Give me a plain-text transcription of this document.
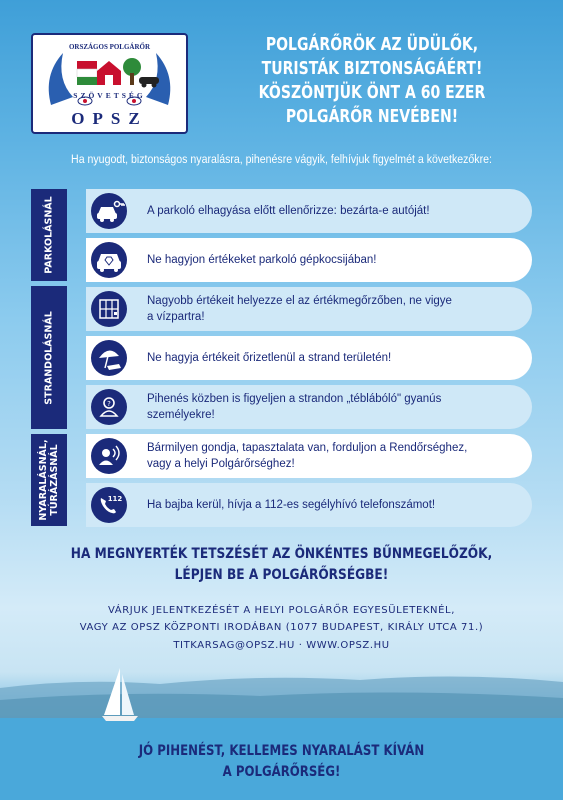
ORSZÁGOS POLGÁRŐR
SZÖVETSÉG
OPSZ
POLGÁRŐRÖK AZ ÜDÜLŐK,
TURISTÁK BIZTONSÁGÁÉRT!
KÖSZÖNTJÜK ÖNT A 60 EZER
POLGÁRŐR NEVÉBEN!
Ha nyugodt, biztonságos nyaralásra, pihenésre vágyik, felhívjuk figyelmét a következőkre:
PARKOLÁSNÁL
STRANDOLÁSNÁL
NYARALÁSNÁL,
TÚRÁZÁSNÁL
A parkoló elhagyása előtt ellenőrizze: bezárta-e autóját!
Ne hagyjon értékeket parkoló gépkocsijában!
Nagyobb értékeit helyezze el az értékmegőrzőben, ne vigye
a vízpartra!
Ne hagyja értékeit őrizetlenül a strand területén!
?	Pihenés közben is figyeljen a strandon „téblábóló" gyanús
személyekre!
Bármilyen gondja, tapasztalata van, forduljon a Rendőrséghez,
vagy a helyi Polgárőrséghez!
112 Ha bajba kerül, hívja a 112-es segélyhívó telefonszámot!
HA MEGNYERTÉK TETSZÉSÉT AZ ÖNKÉNTES BŰNMEGELŐZŐK,
LÉPJEN BE A POLGÁRŐRSÉGBE!
VÁRJUK JELENTKEZÉSÉT A HELYI POLGÁRŐR EGYESÜLETEKNÉL,
VAGY AZ OPSZ KÖZPONTI IRODÁBAN (1077 BUDAPEST, KIRÁLY UTCA 71.)
TITKARSAG@OPSZ.HU · WWW.OPSZ.HU
JÓ PIHENÉST, KELLEMES NYARALÁST KÍVÁN
A POLGÁRŐRSÉG!
